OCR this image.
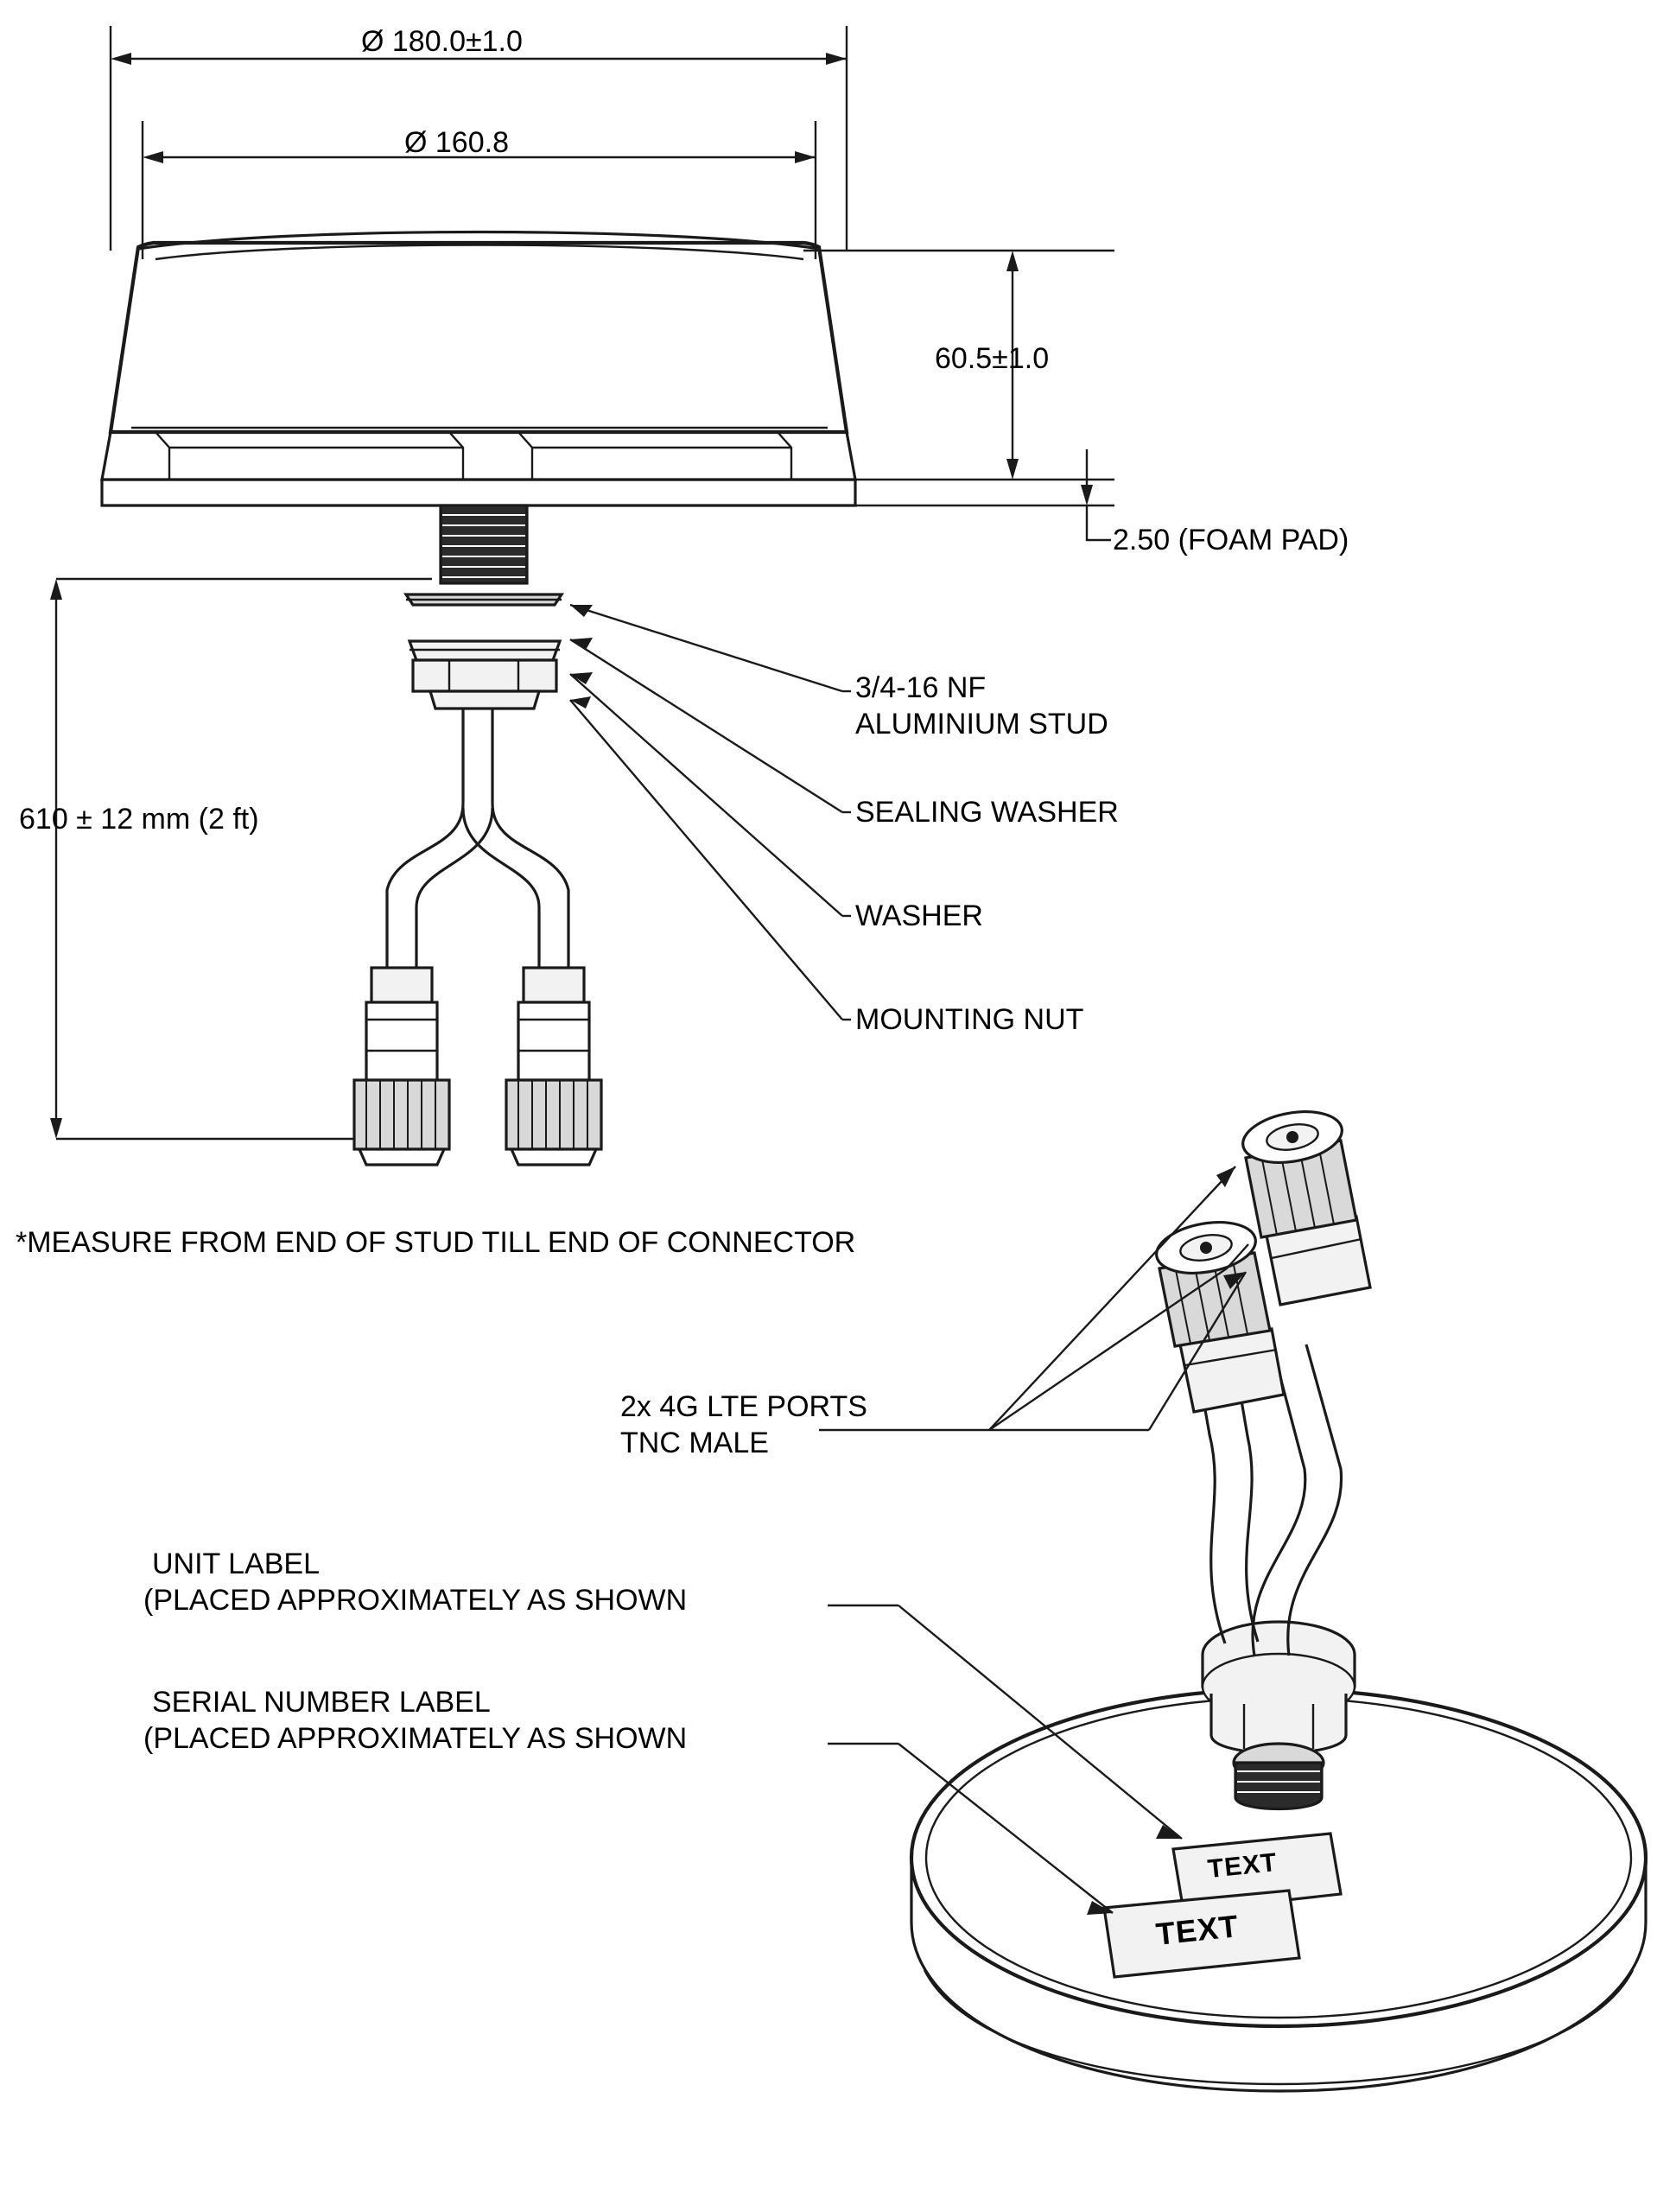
Ø 180.0±1.0
Ø 160.8
60.5±1.0
2.50 (FOAM PAD)
610 ± 12 mm (2 ft)
3/4-16 NF
ALUMINIUM STUD
SEALING WASHER
WASHER
MOUNTING NUT
*MEASURE FROM END OF STUD TILL END OF CONNECTOR
2x 4G LTE PORTS
TNC MALE
UNIT LABEL
(PLACED APPROXIMATELY AS SHOWN
SERIAL NUMBER LABEL
(PLACED APPROXIMATELY AS SHOWN
TEXT
TEXT
